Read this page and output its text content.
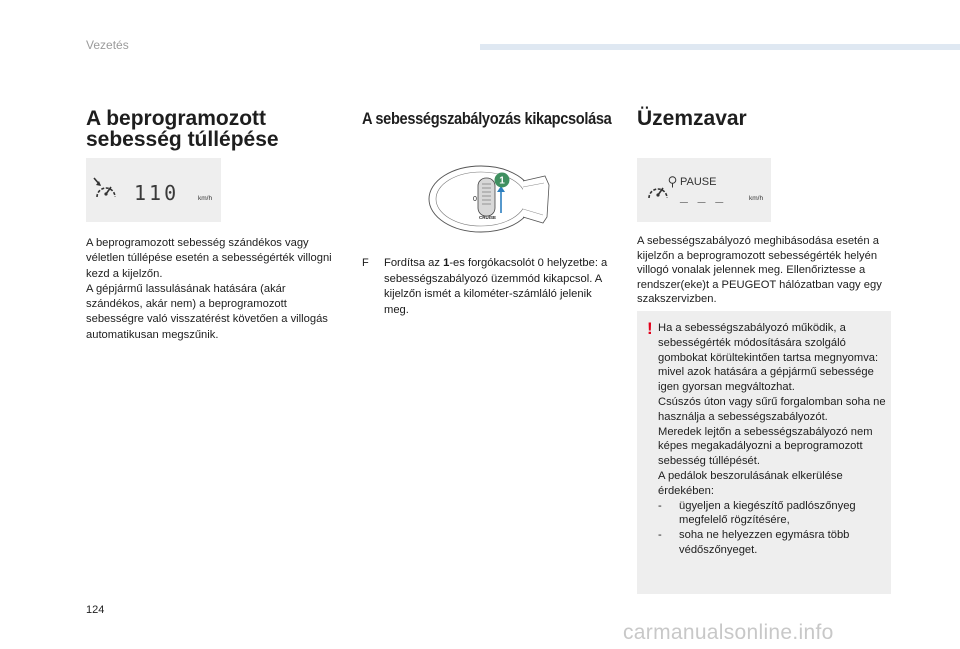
Vezetés
A beprogramozott
sebesség túllépése
110	km/h

A beprogramozott sebesség szándékos vagy véletlen túllépése esetén a sebességérték villogni kezd a kijelzőn.

A gépjármű lassulásának hatására (akár szándékos, akár nem) a beprogramozott sebességre való visszatérést követően a villogás automatikusan megszűnik.

A sebességszabályozás kikapcsolása
1
0
CRUISE
F Fordítsa az 1-es forgókacsolót 0 helyzetbe: a sebességszabályozó üzemmód kikapcsol. A kijelzőn ismét a kilométer-számláló jelenik meg.
Üzemzavar
PAUSE
_ _ _	km/h
A sebességszabályozó meghibásodása esetén a kijelzőn a beprogramozott sebességérték helyén villogó vonalak jelennek meg. Ellenőriztesse a rendszer(eke)t a PEUGEOT hálózatban vagy egy szakszervizben.
! Ha a sebességszabályozó működik, a sebességérték módosítására szolgáló gombokat körültekintően tartsa megnyomva: mivel azok hatására a gépjármű sebessége igen gyorsan megváltozhat.

Csúszós úton vagy sűrű forgalomban soha ne használja a sebességszabályozót.

Meredek lejtőn a sebességszabályozó nem képes megakadályozni a beprogramozott sebesség túllépését.

A pedálok beszorulásának elkerülése érdekében:

- ügyeljen a kiegészítő padlószőnyeg megfelelő rögzítésére,
- soha ne helyezzen egymásra több védőszőnyeget.
124
carmanualsonline.info
